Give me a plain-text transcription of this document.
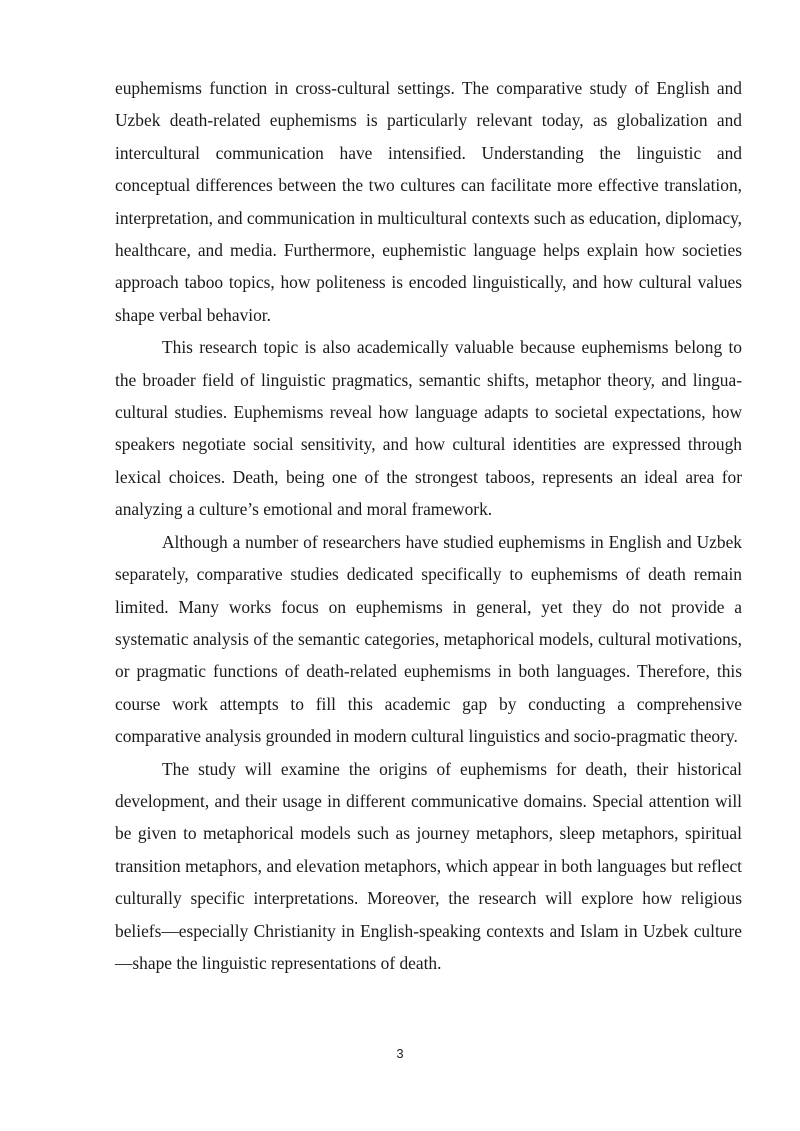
euphemisms function in cross-cultural settings. The comparative study of English and Uzbek death-related euphemisms is particularly relevant today, as globalization and intercultural communication have intensified. Understanding the linguistic and conceptual differences between the two cultures can facilitate more effective translation, interpretation, and communication in multicultural contexts such as education, diplomacy, healthcare, and media. Furthermore, euphemistic language helps explain how societies approach taboo topics, how politeness is encoded linguistically, and how cultural values shape verbal behavior.

This research topic is also academically valuable because euphemisms belong to the broader field of linguistic pragmatics, semantic shifts, metaphor theory, and lingua-cultural studies. Euphemisms reveal how language adapts to societal expectations, how speakers negotiate social sensitivity, and how cultural identities are expressed through lexical choices. Death, being one of the strongest taboos, represents an ideal area for analyzing a culture’s emotional and moral framework.

Although a number of researchers have studied euphemisms in English and Uzbek separately, comparative studies dedicated specifically to euphemisms of death remain limited. Many works focus on euphemisms in general, yet they do not provide a systematic analysis of the semantic categories, metaphorical models, cultural motivations, or pragmatic functions of death-related euphemisms in both languages. Therefore, this course work attempts to fill this academic gap by conducting a comprehensive comparative analysis grounded in modern cultural linguistics and socio-pragmatic theory.

The study will examine the origins of euphemisms for death, their historical development, and their usage in different communicative domains. Special attention will be given to metaphorical models such as journey metaphors, sleep metaphors, spiritual transition metaphors, and elevation metaphors, which appear in both languages but reflect culturally specific interpretations. Moreover, the research will explore how religious beliefs—especially Christianity in English-speaking contexts and Islam in Uzbek culture—shape the linguistic representations of death.

3
